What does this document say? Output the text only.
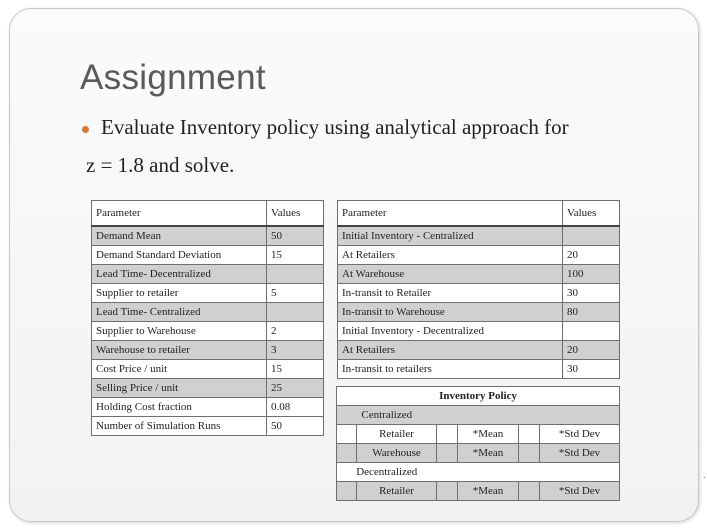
Assignment
Evaluate Inventory policy using analytical approach for
z = 1.8 and solve.
Parameter	Values
Demand Mean	50
Demand Standard Deviation	15
Lead Time- Decentralized	
Supplier to retailer	5
Lead Time- Centralized	
Supplier to Warehouse	2
Warehouse to retailer	3
Cost Price / unit	15
Selling Price / unit	25
Holding Cost fraction	0.08
Number of Simulation Runs	50
Parameter	Values
Initial Inventory - Centralized	
At Retailers	20
At Warehouse	100
In-transit to Retailer	30
In-transit to Warehouse	80
Initial Inventory - Decentralized	
At Retailers	20
In-transit to retailers	30
Inventory Policy					
Centralized					
	Retailer		*Mean		*Std Dev
	Warehouse		*Mean		*Std Dev
Decentralized					
	Retailer		*Mean		*Std Dev
.
